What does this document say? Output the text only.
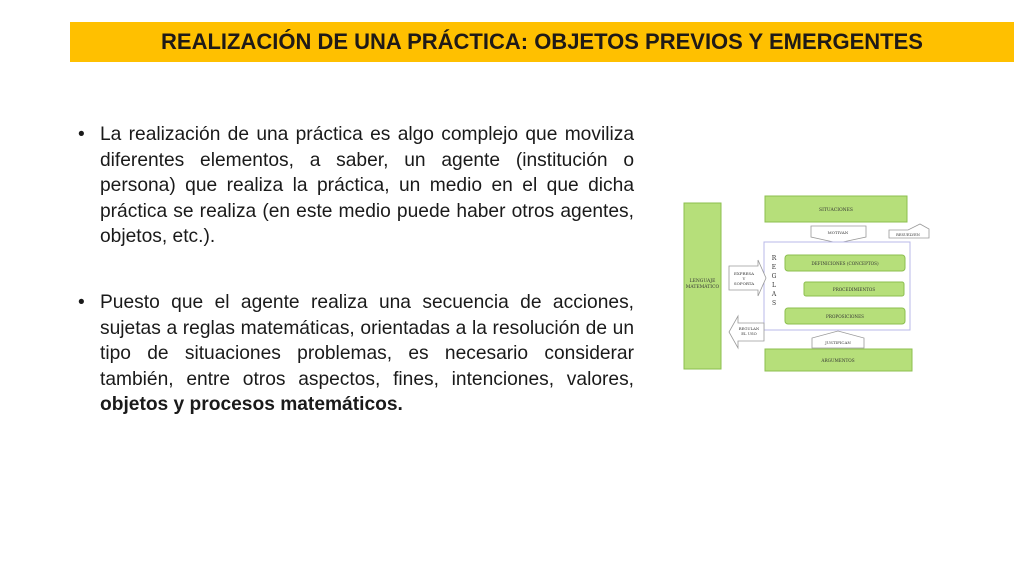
REALIZACIÓN DE UNA PRÁCTICA: OBJETOS PREVIOS Y EMERGENTES
• La realización de una práctica es algo complejo que moviliza diferentes elementos, a saber, un agente (institución o persona) que realiza la práctica, un medio en el que dicha práctica se realiza (en este medio puede haber otros agentes, objetos, etc.).
• Puesto que el agente realiza una secuencia de acciones, sujetas a reglas matemáticas, orientadas a la resolución de un tipo de situaciones problemas, es necesario considerar también, entre otros aspectos, fines, intenciones, valores, objetos y procesos matemáticos.
LENGUAJE
MATEMÁTICO
SITUACIONES
MOTIVAN	RESUELVEN
EXPRESA
Y
SOPORTA
REGULAN
EL USO
R
E
G
L
A
S
DEFINICIONES (CONCEPTOS)
PROCEDIMIENTOS
PROPOSICIONES
JUSTIFICAN
ARGUMENTOS
